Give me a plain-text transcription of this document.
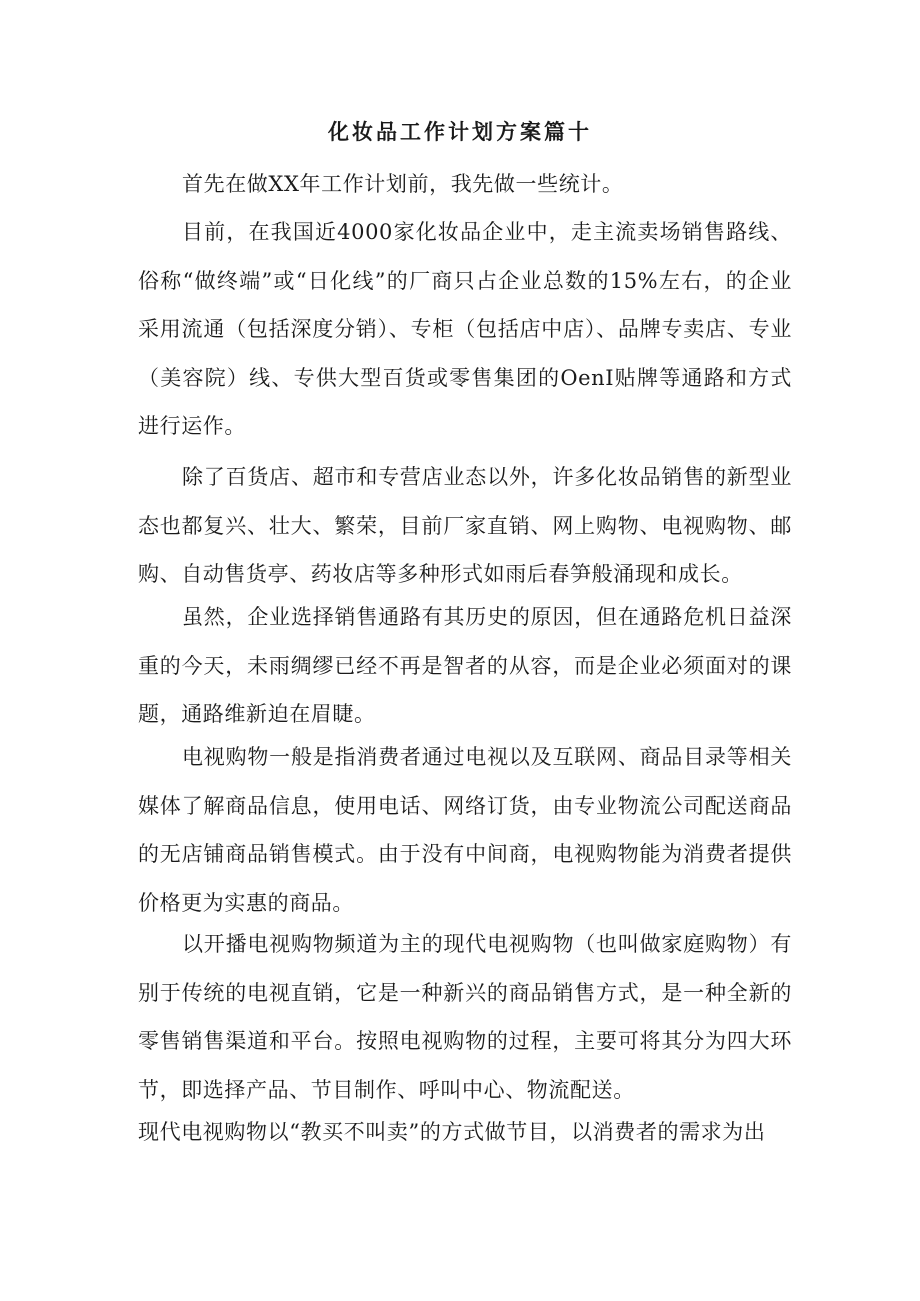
化妆品工作计划方案篇十

首先在做XX年工作计划前，我先做一些统计。

目前，在我国近4000家化妆品企业中，走主流卖场销售路线、俗称“做终端”或“日化线”的厂商只占企业总数的15%左右，的企业采用流通（包括深度分销）、专柜（包括店中店）、品牌专卖店、专业（美容院）线、专供大型百货或零售集团的OenI贴牌等通路和方式进行运作。

除了百货店、超市和专营店业态以外，许多化妆品销售的新型业态也都复兴、壮大、繁荣，目前厂家直销、网上购物、电视购物、邮购、自动售货亭、药妆店等多种形式如雨后春笋般涌现和成长。

虽然，企业选择销售通路有其历史的原因，但在通路危机日益深重的今天，未雨绸缪已经不再是智者的从容，而是企业必须面对的课题，通路维新迫在眉睫。

电视购物一般是指消费者通过电视以及互联网、商品目录等相关媒体了解商品信息，使用电话、网络订货，由专业物流公司配送商品的无店铺商品销售模式。由于没有中间商，电视购物能为消费者提供价格更为实惠的商品。

以开播电视购物频道为主的现代电视购物（也叫做家庭购物）有别于传统的电视直销，它是一种新兴的商品销售方式，是一种全新的零售销售渠道和平台。按照电视购物的过程，主要可将其分为四大环节，即选择产品、节目制作、呼叫中心、物流配送。

现代电视购物以“教买不叫卖”的方式做节目，以消费者的需求为出
